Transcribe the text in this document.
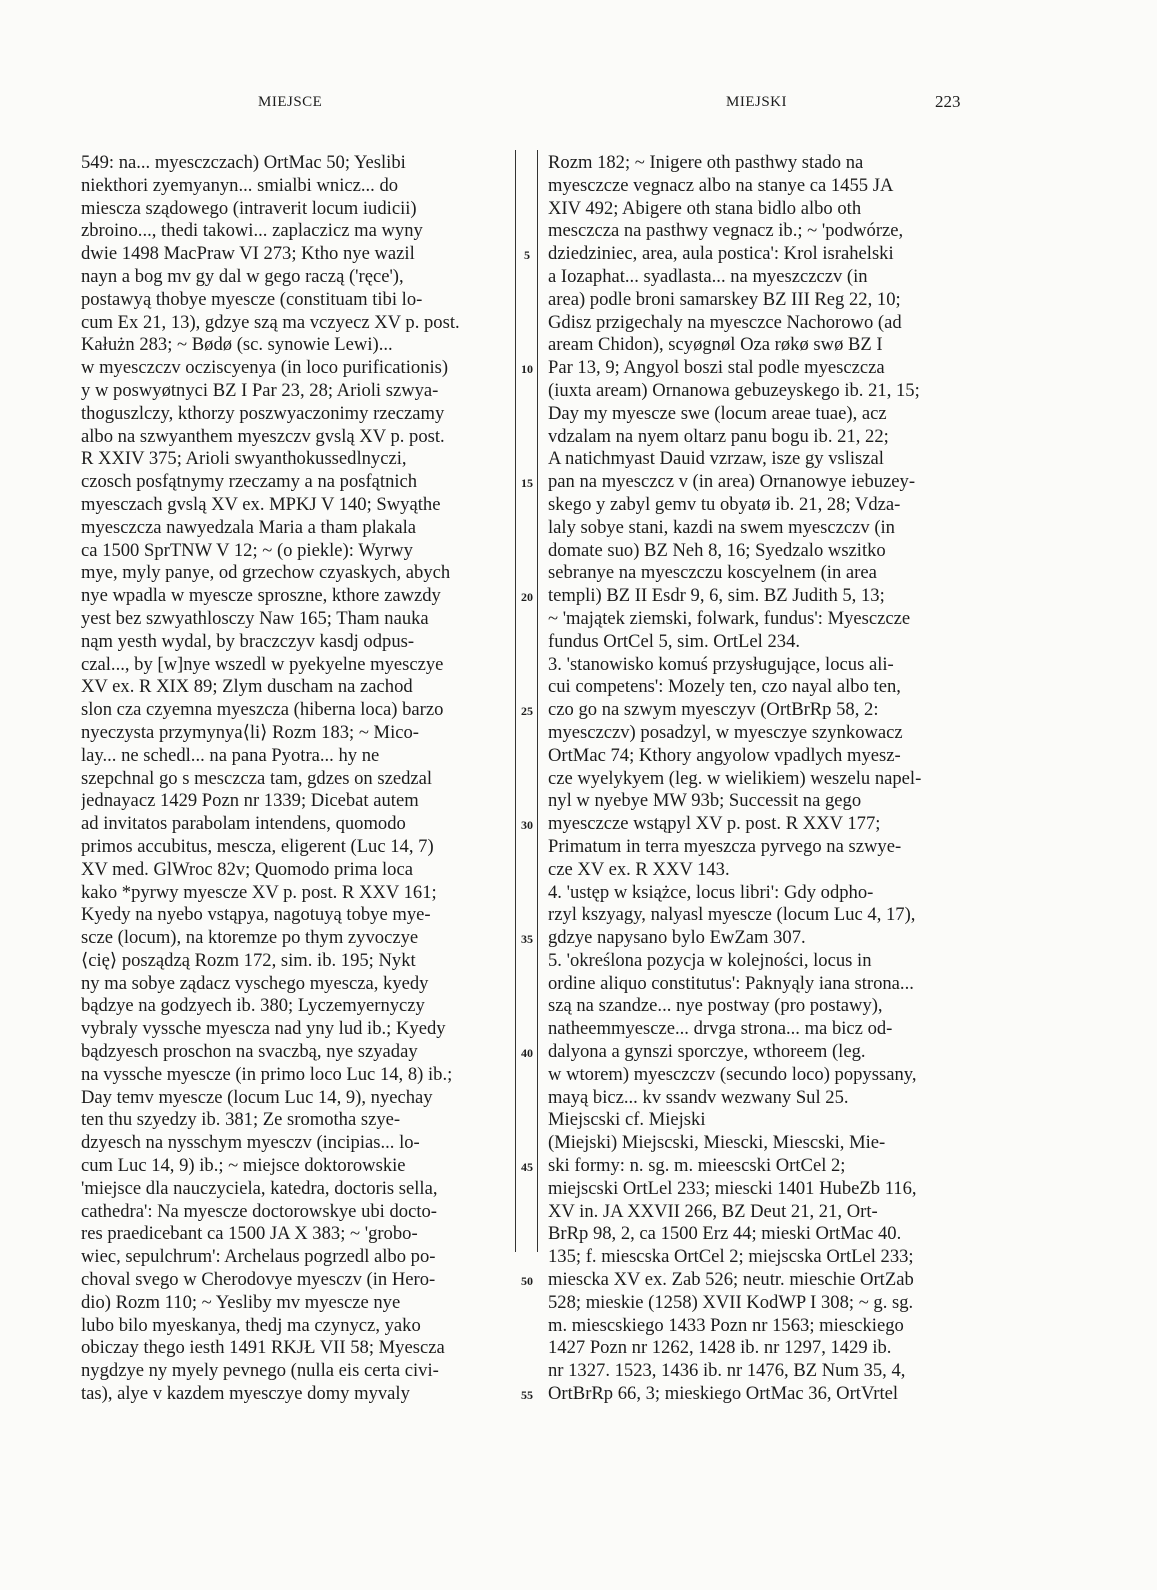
MIEJSCE	MIEJSKI	223
549: na... myesczczach) OrtMac 50; Yeslibi
niekthori zyemyanyn... smialbi wnicz... do
miescza sządowego (intraverit locum iudicii)
zbroino..., thedi takowi... zaplaczicz ma wyny
dwie 1498 MacPraw VI 273; Ktho nye wazil
nayn a bog mv gy dal w gego raczą ('ręce'),
postawyą thobye myescze (constituam tibi lo-
cum Ex 21, 13), gdzye szą ma vczyecz XV p. post.
Kałużn 283; ~ Bødø (sc. synowie Lewi)...
w myesczczv ocziscyenya (in loco purificationis)
y w poswyøtnyci BZ I Par 23, 28; Arioli szwya-
thoguszlczy, kthorzy poszwyaczonimy rzeczamy
albo na szwyanthem myeszczv gvslą XV p. post.
R XXIV 375; Arioli swyanthokussedlnyczi,
czosch posfątnymy rzeczamy a na posfątnich
myesczach gvslą XV ex. MPKJ V 140; Swyąthe
myesczcza nawyedzala Maria a tham plakala
ca 1500 SprTNW V 12; ~ (o piekle): Wyrwy
mye, myly panye, od grzechow czyaskych, abych
nye wpadla w myescze sproszne, kthore zawzdy
yest bez szwyathlosczy Naw 165; Tham nauka
nąm yesth wydal, by braczczyv kasdj odpus-
czal..., by [w]nye wszedl w pyekyelne myesczye
XV ex. R XIX 89; Zlym duscham na zachod
slon cza czyemna myeszcza (hiberna loca) barzo
nyeczysta przymynya⟨li⟩ Rozm 183; ~ Mico-
lay... ne schedl... na pana Pyotra... hy ne
szepchnal go s mesczcza tam, gdzes on szedzal
jednayacz 1429 Pozn nr 1339; Dicebat autem
ad invitatos parabolam intendens, quomodo
primos accubitus, mescza, eligerent (Luc 14, 7)
XV med. GlWroc 82v; Quomodo prima loca
kako *pyrwy myescze XV p. post. R XXV 161;
Kyedy na nyebo vstąpya, nagotuyą tobye mye-
scze (locum), na ktoremze po thym zyvoczye
⟨cię⟩ posządzą Rozm 172, sim. ib. 195; Nykt
ny ma sobye ządacz vyschego myescza, kyedy
bądzye na godzyech ib. 380; Lyczemyernyczy
vybraly vyssche myescza nad yny lud ib.; Kyedy
bądzyesch proschon na svaczbą, nye szyaday
na vyssche myescze (in primo loco Luc 14, 8) ib.;
Day temv myescze (locum Luc 14, 9), nyechay
ten thu szyedzy ib. 381; Ze sromotha szye-
dzyesch na nysschym myesczv (incipias... lo-
cum Luc 14, 9) ib.; ~ miejsce doktorowskie
'miejsce dla nauczyciela, katedra, doctoris sella,
cathedra': Na myescze doctorowskye ubi docto-
res praedicebant ca 1500 JA X 383; ~ 'grobo-
wiec, sepulchrum': Archelaus pogrzedl albo po-
choval svego w Cherodovye myesczv (in Hero-
dio) Rozm 110; ~ Yesliby mv myescze nye
lubo bilo myeskanya, thedj ma czynycz, yako
obiczay thego iesth 1491 RKJŁ VII 58; Myescza
nygdzye ny myely pevnego (nulla eis certa civi-
tas), alye v kazdem myesczye domy myvaly
Rozm 182; ~ Inigere oth pasthwy stado na
myesczcze vegnacz albo na stanye ca 1455 JA
XIV 492; Abigere oth stana bidlo albo oth
mesczcza na pasthwy vegnacz ib.; ~ 'podwórze,
dziedziniec, area, aula postica': Krol israhelski
a Iozaphat... syadlasta... na myeszczczv (in
area) podle broni samarskey BZ III Reg 22, 10;
Gdisz przigechaly na myesczce Nachorowo (ad
aream Chidon), scyøgnøl Oza røkø swø BZ I
Par 13, 9; Angyol boszi stal podle myesczcza
(iuxta aream) Ornanowa gebuzeyskego ib. 21, 15;
Day my myescze swe (locum areae tuae), acz
vdzalam na nyem oltarz panu bogu ib. 21, 22;
A natichmyast Dauid vzrzaw, isze gy vsliszal
pan na myesczcz v (in area) Ornanowye iebuzey-
skego y zabyl gemv tu obyatø ib. 21, 28; Vdza-
laly sobye stani, kazdi na swem myesczczv (in
domate suo) BZ Neh 8, 16; Syedzalo wszitko
sebranye na myesczczu koscyelnem (in area
templi) BZ II Esdr 9, 6, sim. BZ Judith 5, 13;
~ 'majątek ziemski, folwark, fundus': Myesczcze
fundus OrtCel 5, sim. OrtLel 234.
3. 'stanowisko komuś przysługujące, locus ali-
cui competens': Mozely ten, czo nayal albo ten,
czo go na szwym myesczyv (OrtBrRp 58, 2:
myesczczv) posadzyl, w myesczye szynkowacz
OrtMac 74; Kthory angyolow vpadlych myesz-
cze wyelykyem (leg. w wielikiem) weszelu napel-
nyl w nyebye MW 93b; Successit na gego
myesczcze wstąpyl XV p. post. R XXV 177;
Primatum in terra myeszcza pyrvego na szwye-
cze XV ex. R XXV 143.
4. 'ustęp w książce, locus libri': Gdy odpho-
rzyl kszyagy, nalyasl myescze (locum Luc 4, 17),
gdzye napysano bylo EwZam 307.
5. 'określona pozycja w kolejności, locus in
ordine aliquo constitutus': Paknyąly iana strona...
szą na szandze... nye postway (pro postawy),
natheemmyescze... drvga strona... ma bicz od-
dalyona a gynszi sporczye, wthoreem (leg.
w wtorem) myesczczv (secundo loco) popyssany,
mayą bicz... kv ssandv wezwany Sul 25.
Miejscski cf. Miejski
(Miejski) Miejscski, Miescki, Miescski, Mie-
ski formy: n. sg. m. mieescski OrtCel 2;
miejscski OrtLel 233; miescki 1401 HubeZb 116,
XV in. JA XXVII 266, BZ Deut 21, 21, Ort-
BrRp 98, 2, ca 1500 Erz 44; mieski OrtMac 40.
135; f. miescska OrtCel 2; miejscska OrtLel 233;
miescka XV ex. Zab 526; neutr. mieschie OrtZab
528; mieskie (1258) XVII KodWP I 308; ~ g. sg.
m. miescskiego 1433 Pozn nr 1563; miesckiego
1427 Pozn nr 1262, 1428 ib. nr 1297, 1429 ib.
nr 1327. 1523, 1436 ib. nr 1476, BZ Num 35, 4,
OrtBrRp 66, 3; mieskiego OrtMac 36, OrtVrtel
5
10
15
20
25
30
35
40
45
50
55
